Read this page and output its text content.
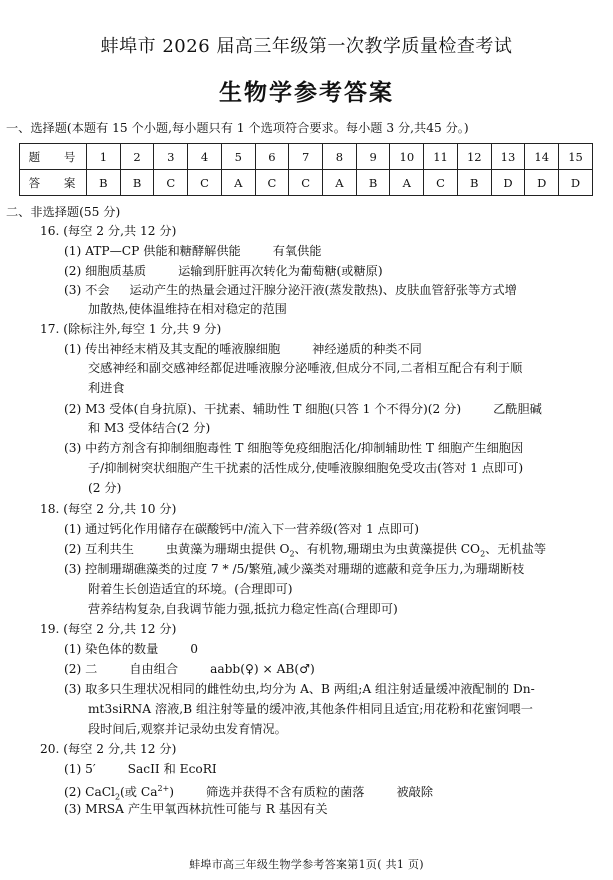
蚌埠市 2026 届高三年级第一次教学质量检查考试
生物学参考答案
一、选择题(本题有 15 个小题,每小题只有 1 个选项符合要求。每小题 3 分,共45 分。)
题 号	1	2	3	4	5	6	7	8	9	10	11	12	13	14	15
答 案	B	B	C	C	A	C	C	A	B	A	C	B	D	D	D
二、非选择题(55 分)
16. (每空 2 分,共 12 分)
(1) ATP—CP 供能和糖酵解供能	有氧供能
(2) 细胞质基质	运输到肝脏再次转化为葡萄糖(或糖原)
(3) 不会 运动产生的热量会通过汗腺分泌汗液(蒸发散热)、皮肤血管舒张等方式增
加散热,使体温维持在相对稳定的范围
17. (除标注外,每空 1 分,共 9 分)
(1) 传出神经末梢及其支配的唾液腺细胞	神经递质的种类不同
交感神经和副交感神经都促进唾液腺分泌唾液,但成分不同,二者相互配合有利于顺
利进食
(2) M3 受体(自身抗原)、干扰素、辅助性 T 细胞(只答 1 个不得分)(2 分)	乙酰胆碱
和 M3 受体结合(2 分)
(3) 中药方剂含有抑制细胞毒性 T 细胞等免疫细胞活化/抑制辅助性 T 细胞产生细胞因
子/抑制树突状细胞产生干扰素的活性成分,使唾液腺细胞免受攻击(答对 1 点即可)
(2 分)
18. (每空 2 分,共 10 分)
(1) 通过钙化作用储存在碳酸钙中/流入下一营养级(答对 1 点即可)
(2) 互利共生	虫黄藻为珊瑚虫提供 $O_2$、有机物,珊瑚虫为虫黄藻提供 $CO_2$、无机盐等
(3) 控制珊瑚礁藻类的过度 7 * /5/繁殖,减少藻类对珊瑚的遮蔽和竞争压力,为珊瑚断枝
附着生长创造适宜的环境。(合理即可)
营养结构复杂,自我调节能力强,抵抗力稳定性高(合理即可)
19. (每空 2 分,共 12 分)
(1) 染色体的数量	0
(2) 二	自由组合	aabb(♀) × AB(♂)
(3) 取多只生理状况相同的雌性幼虫,均分为 A、B 两组;A 组注射适量缓冲液配制的 Dn-
mt3siRNA 溶液,B 组注射等量的缓冲液,其他条件相同且适宜;用花粉和花蜜饲喂一
段时间后,观察并记录幼虫发育情况。
20. (每空 2 分,共 12 分)
(1) 5′	SacII 和 EcoRI
(2) CaCl$_2$(或 $Ca^{2+}$)	筛选并获得不含有质粒的菌落	被敲除
(3) MRSA 产生甲氧西林抗性可能与 R 基因有关
蚌埠市高三年级生物学参考答案第1页( 共1 页)
